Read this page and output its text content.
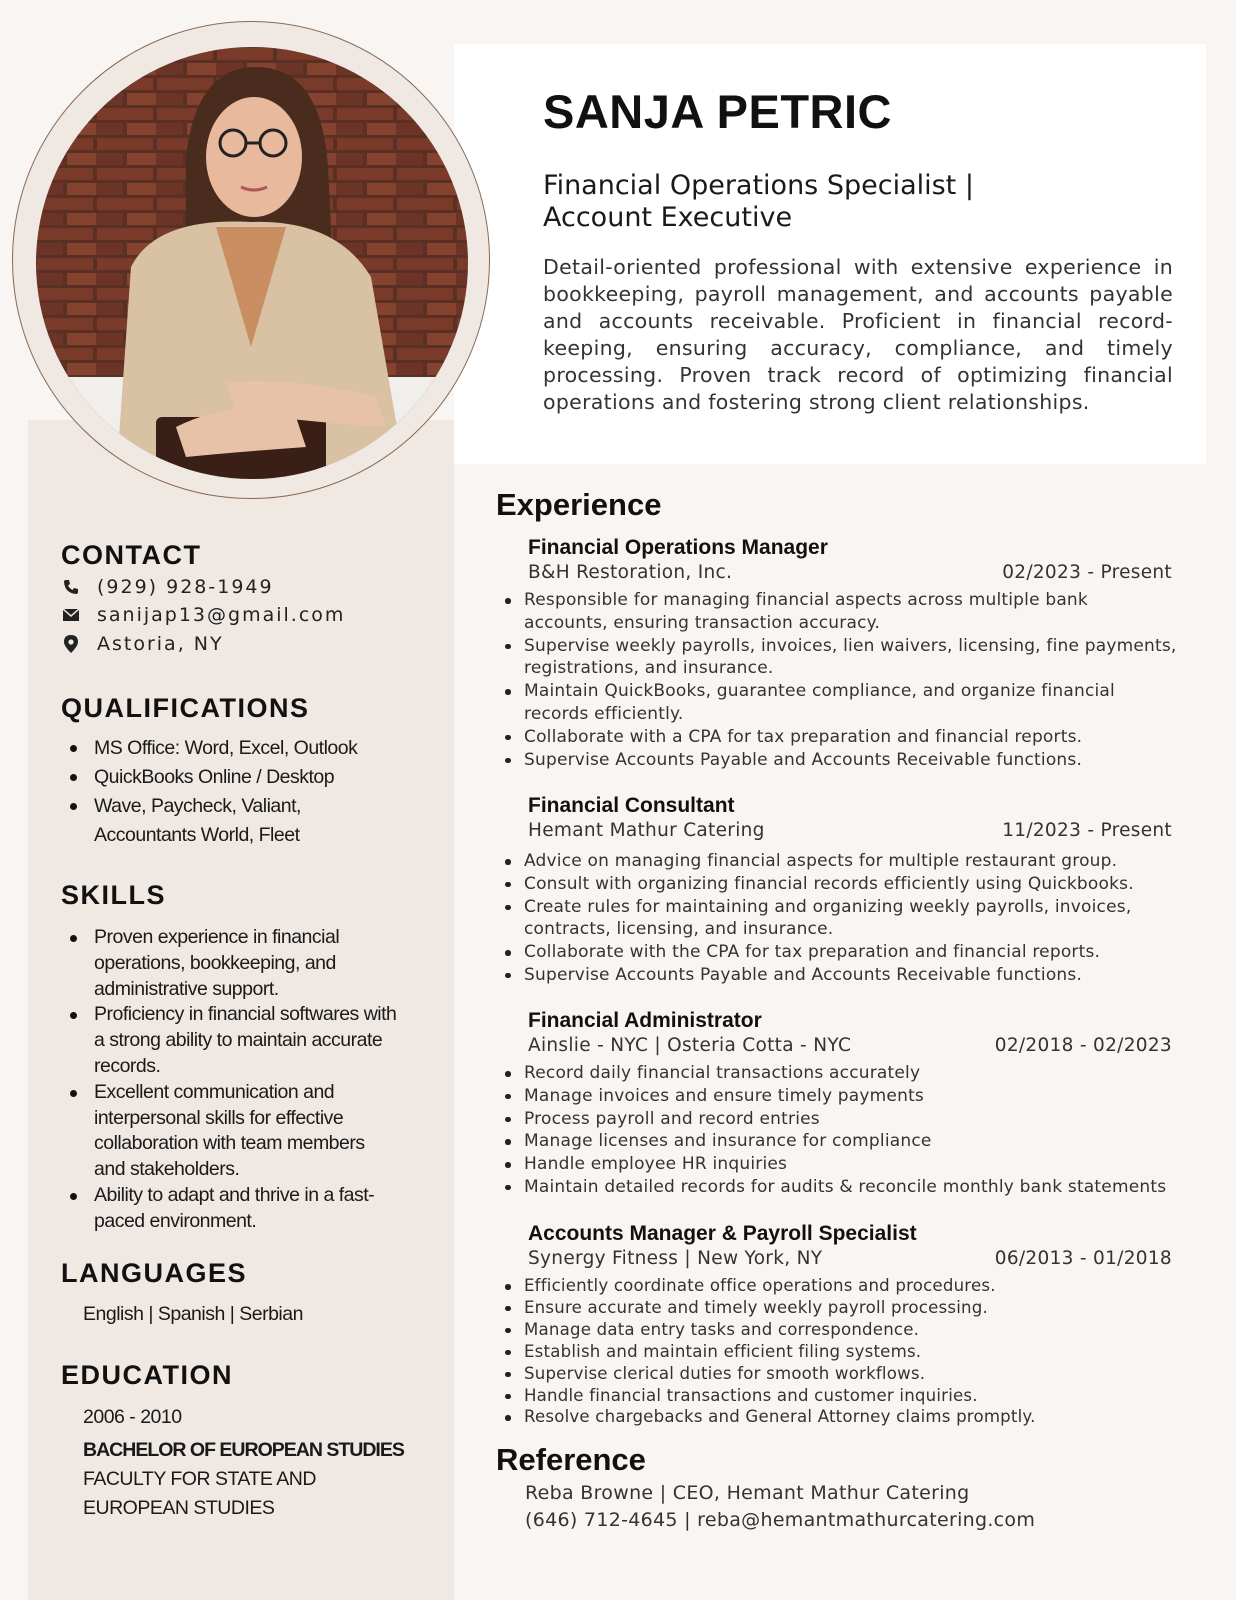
SANJA PETRIC
Financial Operations Specialist |
Account Executive
Detail-oriented professional with extensive experience in bookkeeping, payroll management, and accounts payable and accounts receivable. Proficient in financial record-keeping, ensuring accuracy, compliance, and timely processing. Proven track record of optimizing financial operations and fostering strong client relationships.
CONTACT
(929) 928-1949
sanijap13@gmail.com
Astoria, NY
QUALIFICATIONS
MS Office: Word, Excel, Outlook
QuickBooks Online / Desktop
Wave, Paycheck, Valiant,
Accountants World, Fleet
SKILLS
Proven experience in financial
operations, bookkeeping, and
administrative support.
Proficiency in financial softwares with
a strong ability to maintain accurate
records.
Excellent communication and
interpersonal skills for effective
collaboration with team members
and stakeholders.
Ability to adapt and thrive in a fast-
paced environment.
LANGUAGES
English | Spanish | Serbian
EDUCATION
2006 - 2010
BACHELOR OF EUROPEAN STUDIES
FACULTY FOR STATE AND
EUROPEAN STUDIES
Experience
Financial Operations Manager
B&H Restoration, Inc.	02/2023 - Present
Responsible for managing financial aspects across multiple bank
accounts, ensuring transaction accuracy.
Supervise weekly payrolls, invoices, lien waivers, licensing, fine payments,
registrations, and insurance.
Maintain QuickBooks, guarantee compliance, and organize financial
records efficiently.
Collaborate with a CPA for tax preparation and financial reports.
Supervise Accounts Payable and Accounts Receivable functions.
Financial Consultant
Hemant Mathur Catering	11/2023 - Present
Advice on managing financial aspects for multiple restaurant group.
Consult with organizing financial records efficiently using Quickbooks.
Create rules for maintaining and organizing weekly payrolls, invoices,
contracts, licensing, and insurance.
Collaborate with the CPA for tax preparation and financial reports.
Supervise Accounts Payable and Accounts Receivable functions.
Financial Administrator
Ainslie - NYC | Osteria Cotta - NYC	02/2018 - 02/2023
Record daily financial transactions accurately
Manage invoices and ensure timely payments
Process payroll and record entries
Manage licenses and insurance for compliance
Handle employee HR inquiries
Maintain detailed records for audits & reconcile monthly bank statements
Accounts Manager & Payroll Specialist
Synergy Fitness | New York, NY	06/2013 - 01/2018
Efficiently coordinate office operations and procedures.
Ensure accurate and timely weekly payroll processing.
Manage data entry tasks and correspondence.
Establish and maintain efficient filing systems.
Supervise clerical duties for smooth workflows.
Handle financial transactions and customer inquiries.
Resolve chargebacks and General Attorney claims promptly.
Reference
Reba Browne | CEO, Hemant Mathur Catering
(646) 712-4645 | reba@hemantmathurcatering.com
